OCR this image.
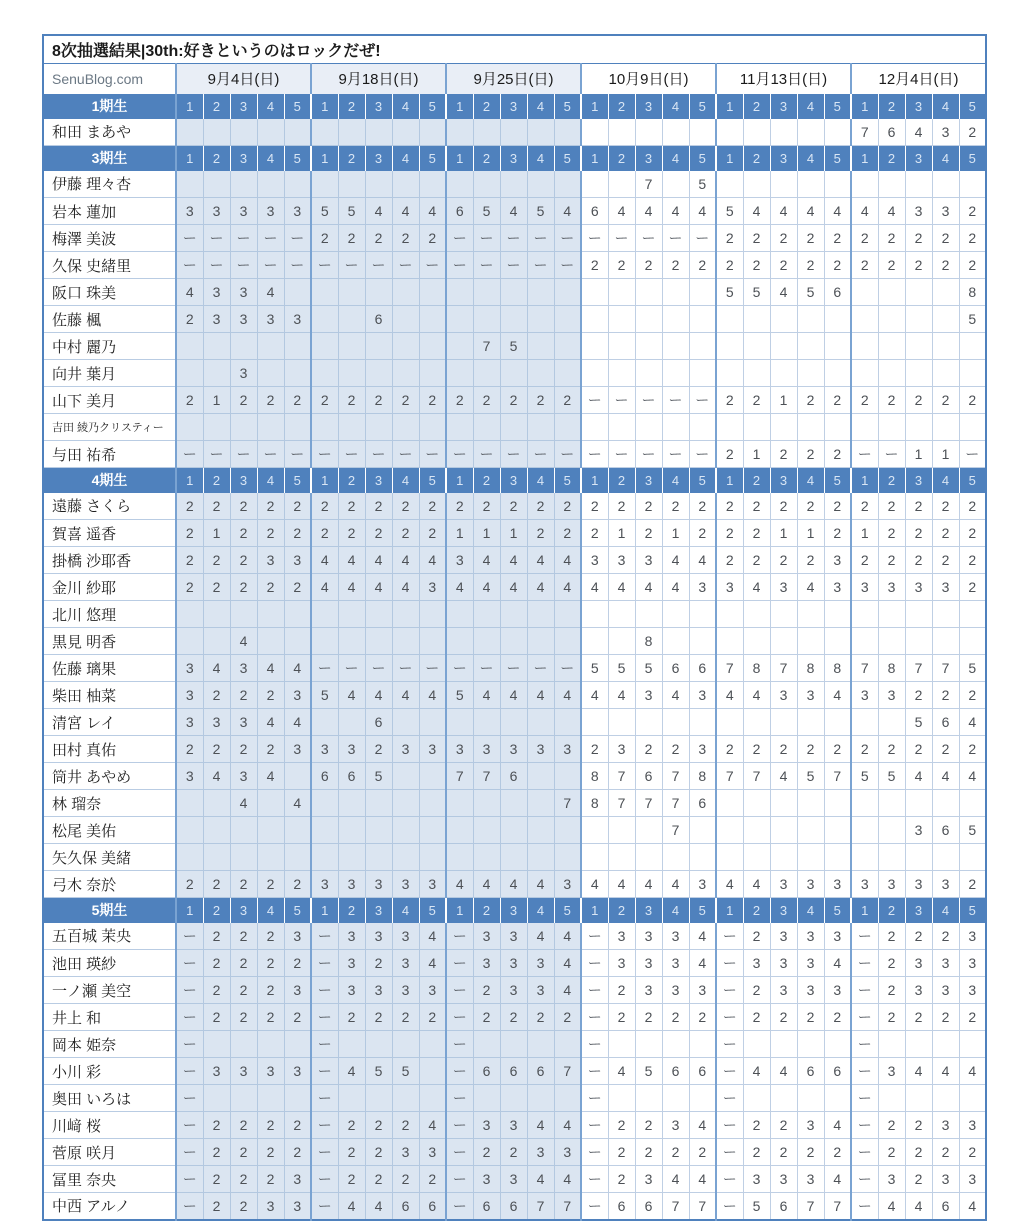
8次抽選結果|30th:好きというのはロックだぜ!																														
SenuBlog.com	9月4日(日)					9月18日(日)					9月25日(日)					10月9日(日)					11月13日(日)					12月4日(日)				
1期生	1	2	3	4	5	1	2	3	4	5	1	2	3	4	5	1	2	3	4	5	1	2	3	4	5	1	2	3	4	5
和田 まあや																										7	6	4	3	2
3期生	1	2	3	4	5	1	2	3	4	5	1	2	3	4	5	1	2	3	4	5	1	2	3	4	5	1	2	3	4	5
伊藤 理々杏																		7		5										
岩本 蓮加	3	3	3	3	3	5	5	4	4	4	6	5	4	5	4	6	4	4	4	4	5	4	4	4	4	4	4	3	3	2
梅澤 美波	ー	ー	ー	ー	ー	2	2	2	2	2	ー	ー	ー	ー	ー	ー	ー	ー	ー	ー	2	2	2	2	2	2	2	2	2	2
久保 史緒里	ー	ー	ー	ー	ー	ー	ー	ー	ー	ー	ー	ー	ー	ー	ー	2	2	2	2	2	2	2	2	2	2	2	2	2	2	2
阪口 珠美	4	3	3	4																	5	5	4	5	6					8
佐藤 楓	2	3	3	3	3			6																						5
中村 麗乃												7	5																	
向井 葉月			3																											
山下 美月	2	1	2	2	2	2	2	2	2	2	2	2	2	2	2	ー	ー	ー	ー	ー	2	2	1	2	2	2	2	2	2	2
吉田 綾乃クリスティー																														
与田 祐希	ー	ー	ー	ー	ー	ー	ー	ー	ー	ー	ー	ー	ー	ー	ー	ー	ー	ー	ー	ー	2	1	2	2	2	ー	ー	1	1	ー
4期生	1	2	3	4	5	1	2	3	4	5	1	2	3	4	5	1	2	3	4	5	1	2	3	4	5	1	2	3	4	5
遠藤 さくら	2	2	2	2	2	2	2	2	2	2	2	2	2	2	2	2	2	2	2	2	2	2	2	2	2	2	2	2	2	2
賀喜 遥香	2	1	2	2	2	2	2	2	2	2	1	1	1	2	2	2	1	2	1	2	2	2	1	1	2	1	2	2	2	2
掛橋 沙耶香	2	2	2	3	3	4	4	4	4	4	3	4	4	4	4	3	3	3	4	4	2	2	2	2	3	2	2	2	2	2
金川 紗耶	2	2	2	2	2	4	4	4	4	3	4	4	4	4	4	4	4	4	4	3	3	4	3	4	3	3	3	3	3	2
北川 悠理																														
黒見 明香			4															8												
佐藤 璃果	3	4	3	4	4	ー	ー	ー	ー	ー	ー	ー	ー	ー	ー	5	5	5	6	6	7	8	7	8	8	7	8	7	7	5
柴田 柚菜	3	2	2	2	3	5	4	4	4	4	5	4	4	4	4	4	4	3	4	3	4	4	3	3	4	3	3	2	2	2
清宮 レイ	3	3	3	4	4			6																				5	6	4
田村 真佑	2	2	2	2	3	3	3	2	3	3	3	3	3	3	3	2	3	2	2	3	2	2	2	2	2	2	2	2	2	2
筒井 あやめ	3	4	3	4		6	6	5			7	7	6			8	7	6	7	8	7	7	4	5	7	5	5	4	4	4
林 瑠奈			4		4										7	8	7	7	7	6										
松尾 美佑																			7									3	6	5
矢久保 美緒																														
弓木 奈於	2	2	2	2	2	3	3	3	3	3	4	4	4	4	3	4	4	4	4	3	4	4	3	3	3	3	3	3	3	2
5期生	1	2	3	4	5	1	2	3	4	5	1	2	3	4	5	1	2	3	4	5	1	2	3	4	5	1	2	3	4	5
五百城 茉央	ー	2	2	2	3	ー	3	3	3	4	ー	3	3	4	4	ー	3	3	3	4	ー	2	3	3	3	ー	2	2	2	3
池田 瑛紗	ー	2	2	2	2	ー	3	2	3	4	ー	3	3	3	4	ー	3	3	3	4	ー	3	3	3	4	ー	2	3	3	3
一ノ瀬 美空	ー	2	2	2	3	ー	3	3	3	3	ー	2	3	3	4	ー	2	3	3	3	ー	2	3	3	3	ー	2	3	3	3
井上 和	ー	2	2	2	2	ー	2	2	2	2	ー	2	2	2	2	ー	2	2	2	2	ー	2	2	2	2	ー	2	2	2	2
岡本 姫奈	ー					ー					ー					ー					ー					ー				
小川 彩	ー	3	3	3	3	ー	4	5	5		ー	6	6	6	7	ー	4	5	6	6	ー	4	4	6	6	ー	3	4	4	4
奥田 いろは	ー					ー					ー					ー					ー					ー				
川﨑 桜	ー	2	2	2	2	ー	2	2	2	4	ー	3	3	4	4	ー	2	2	3	4	ー	2	2	3	4	ー	2	2	3	3
菅原 咲月	ー	2	2	2	2	ー	2	2	3	3	ー	2	2	3	3	ー	2	2	2	2	ー	2	2	2	2	ー	2	2	2	2
冨里 奈央	ー	2	2	2	3	ー	2	2	2	2	ー	3	3	4	4	ー	2	3	4	4	ー	3	3	3	4	ー	3	2	3	3
中西 アルノ	ー	2	2	3	3	ー	4	4	6	6	ー	6	6	7	7	ー	6	6	7	7	ー	5	6	7	7	ー	4	4	6	4
